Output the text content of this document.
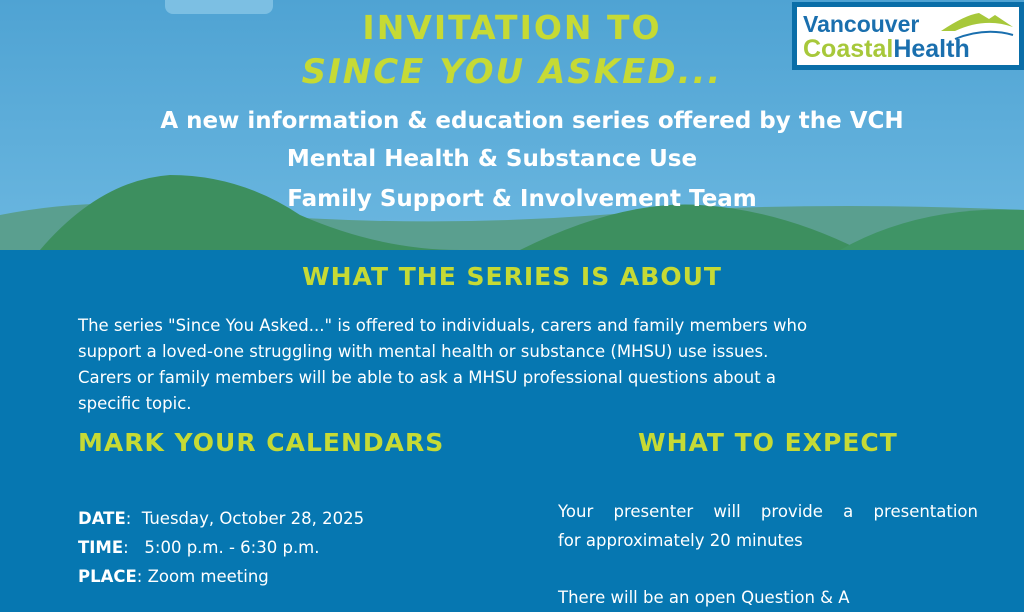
INVITATION TO
SINCE YOU ASKED...
A new information & education series offered by the VCH
Mental Health & Substance Use
Family Support & Involvement Team
Vancouver
CoastalHealth
WHAT THE SERIES IS ABOUT
The series "Since You Asked..." is offered to individuals, carers and family members who
support a loved-one struggling with mental health or substance (MHSU) use issues.
Carers or family members will be able to ask a MHSU professional questions about a
specific topic.
MARK YOUR CALENDARS
DATE:  Tuesday, October 28, 2025
TIME:   5:00 p.m. - 6:30 p.m.
PLACE: Zoom meeting
WHAT TO EXPECT
Your presenter will provide a presentation
for approximately 20 minutes
There will be an open Question & A
